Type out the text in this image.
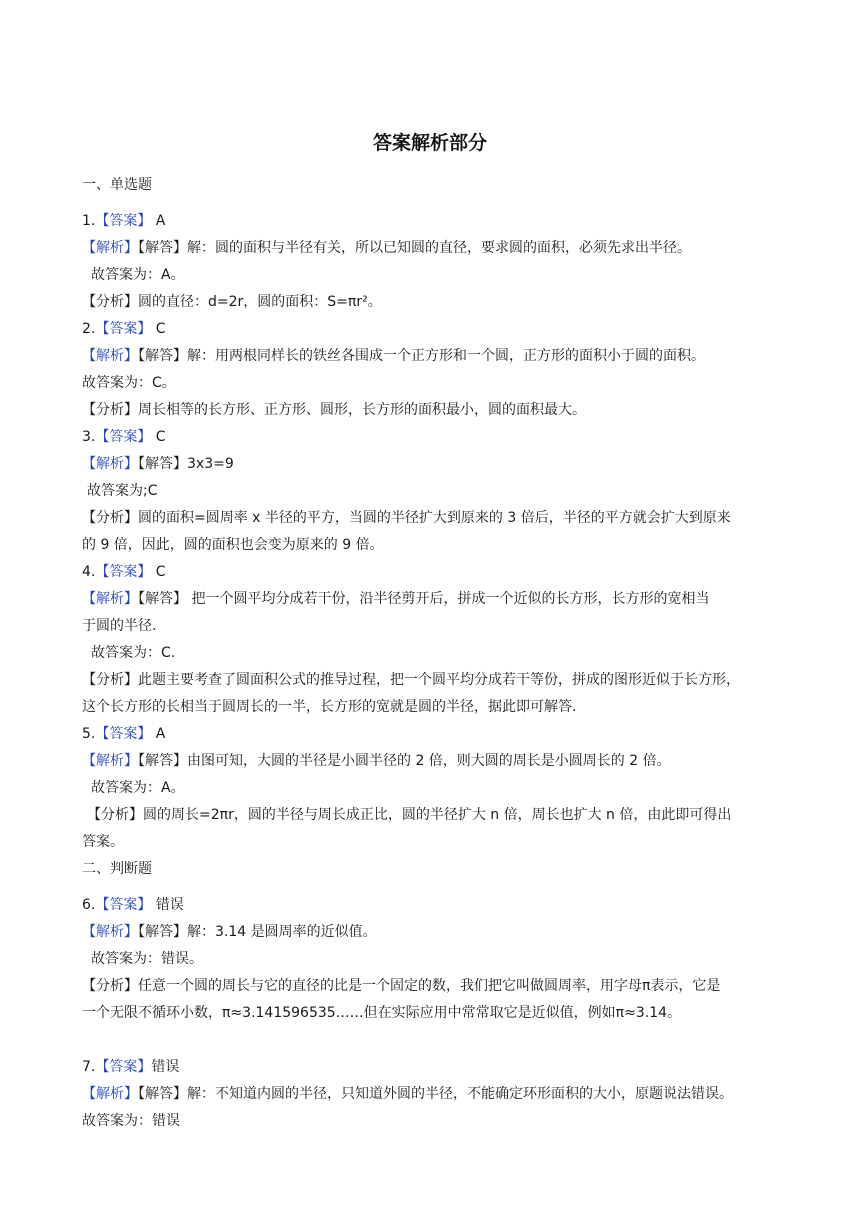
答案解析部分
一、单选题
1.【答案】 A
【解析】【解答】解：圆的面积与半径有关，所以已知圆的直径，要求圆的面积，必须先求出半径。
故答案为：A。
【分析】圆的直径：d=2r，圆的面积：S=πr²。
2.【答案】 C
【解析】【解答】解：用两根同样长的铁丝各围成一个正方形和一个圆，正方形的面积小于圆的面积。
故答案为：C。
【分析】周长相等的长方形、正方形、圆形，长方形的面积最小，圆的面积最大。
3.【答案】 C
【解析】【解答】3x3=9
故答案为;C
【分析】圆的面积=圆周率 x 半径的平方，当圆的半径扩大到原来的 3 倍后，半径的平方就会扩大到原来
的 9 倍，因此，圆的面积也会变为原来的 9 倍。
4.【答案】 C
【解析】【解答】 把一个圆平均分成若干份，沿半径剪开后，拼成一个近似的长方形，长方形的宽相当
于圆的半径.
故答案为：C.
【分析】此题主要考查了圆面积公式的推导过程，把一个圆平均分成若干等份，拼成的图形近似于长方形，
这个长方形的长相当于圆周长的一半，长方形的宽就是圆的半径，据此即可解答.
5.【答案】 A
【解析】【解答】由图可知，大圆的半径是小圆半径的 2 倍，则大圆的周长是小圆周长的 2 倍。
故答案为：A。
【分析】圆的周长=2πr，圆的半径与周长成正比，圆的半径扩大 n 倍，周长也扩大 n 倍，由此即可得出
答案。
二、判断题
6.【答案】 错误
【解析】【解答】解：3.14 是圆周率的近似值。
故答案为：错误。
【分析】任意一个圆的周长与它的直径的比是一个固定的数，我们把它叫做圆周率，用字母π表示，它是
一个无限不循环小数，π≈3.141596535……但在实际应用中常常取它是近似值，例如π≈3.14。
7.【答案】错误
【解析】【解答】解：不知道内圆的半径，只知道外圆的半径，不能确定环形面积的大小，原题说法错误。
故答案为：错误
